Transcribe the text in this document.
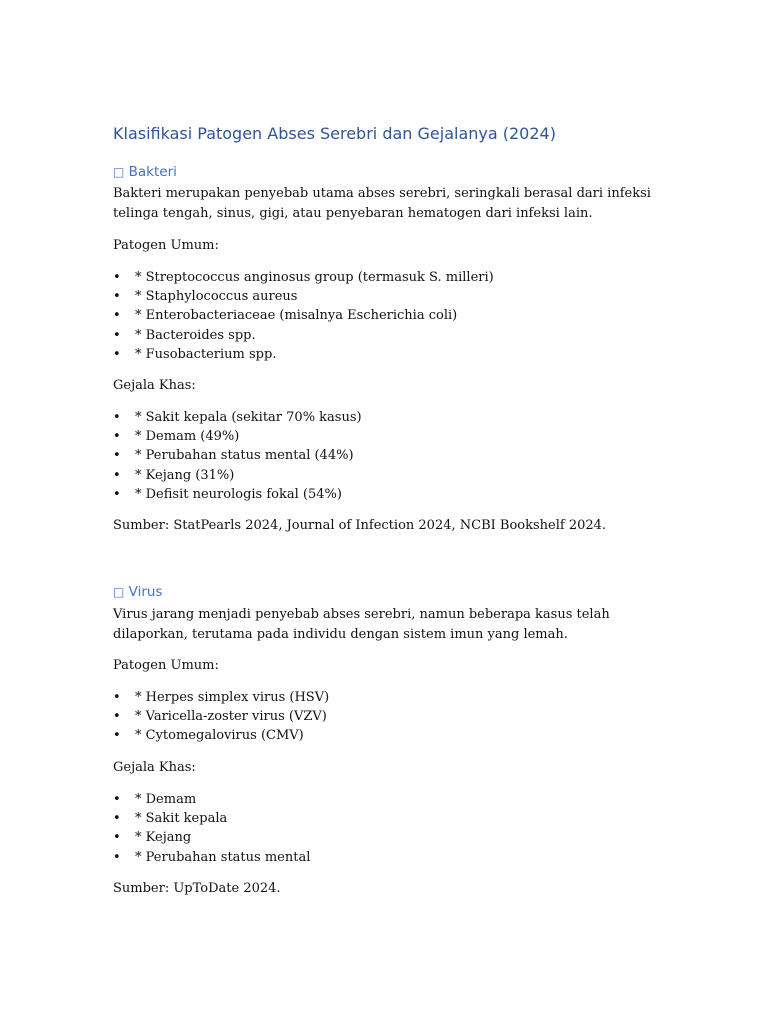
Klasifikasi Patogen Abses Serebri dan Gejalanya (2024)
□ Bakteri

Bakteri merupakan penyebab utama abses serebri, seringkali berasal dari infeksi telinga tengah, sinus, gigi, atau penyebaran hematogen dari infeksi lain.

Patogen Umum:

• * Streptococcus anginosus group (termasuk S. milleri)
• * Staphylococcus aureus
• * Enterobacteriaceae (misalnya Escherichia coli)
• * Bacteroides spp.
• * Fusobacterium spp.

Gejala Khas:

• * Sakit kepala (sekitar 70% kasus)
• * Demam (49%)
• * Perubahan status mental (44%)
• * Kejang (31%)
• * Defisit neurologis fokal (54%)

Sumber: StatPearls 2024, Journal of Infection 2024, NCBI Bookshelf 2024.

□ Virus

Virus jarang menjadi penyebab abses serebri, namun beberapa kasus telah dilaporkan, terutama pada individu dengan sistem imun yang lemah.

Patogen Umum:

• * Herpes simplex virus (HSV)
• * Varicella-zoster virus (VZV)
• * Cytomegalovirus (CMV)

Gejala Khas:

• * Demam
• * Sakit kepala
• * Kejang
• * Perubahan status mental

Sumber: UpToDate 2024.
